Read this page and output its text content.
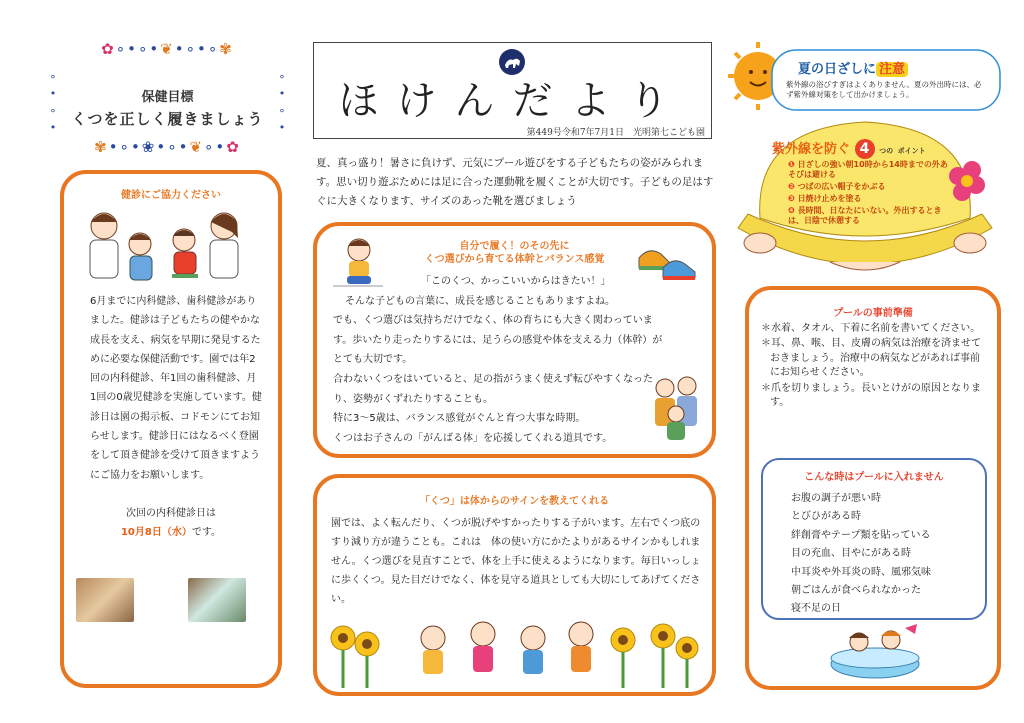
✿∘•∘•❦•∘•∘✾
∘
•
∘
•
∘
•
∘
•
保健目標
くつを正しく履きましょう
✾•∘•❀•∘•❦∘•✿
ほけんだより
第449号令和7年7月1日　光明第七こども園
夏、真っ盛り！暑さに負けず、元気にプール遊びをする子どもたちの姿がみられます。思い切り遊ぶためには足に合った運動靴を履くことが大切です。子どもの足はすぐに大きくなります、サイズのあった靴を選びましょう
夏の日ざしに 注意
紫外線の浴びすぎはよくありません。夏の外出時には、必ず紫外線対策をして出かけましょう。
紫外線を防ぐ 4 つの ポイント
❶ 日ざしの強い朝10時から14時までの外あそびは避ける
❷ つばの広い帽子をかぶる
❸ 日焼け止めを塗る
❹ 長時間、日なたにいない。外出するときは、日陰で休憩する
健診にご協力ください
6月までに内科健診、歯科健診がありました。健診は子どもたちの健やかな成長を支え、病気を早期に発見するために必要な保健活動です。園では年2回の内科健診、年1回の歯科健診、月1回の0歳児健診を実施しています。健診日は園の掲示板、コドモンにてお知らせします。健診日にはなるべく登園をして頂き健診を受けて頂きますようにご協力をお願いします。
次回の内科健診日は
10月8日（水）です。
自分で履く！のその先に
くつ選びから育てる体幹とバランス感覚
「このくつ、かっこいいからはきたい！」
そんな子どもの言葉に、成長を感じることもありますよね。
でも、くつ選びは気持ちだけでなく、体の育ちにも大きく関わっています。歩いたり走ったりするには、足うらの感覚や体を支える力（体幹）がとても大切です。
合わないくつをはいていると、足の指がうまく使えず転びやすくなったり、姿勢がくずれたりすることも。
特に3〜5歳は、バランス感覚がぐんと育つ大事な時期。
くつはお子さんの「がんばる体」を応援してくれる道具です。
「くつ」は体からのサインを教えてくれる
園では、よく転んだり、くつが脱げやすかったりする子がいます。左右でくつ底のすり減り方が違うことも。これは　体の使い方にかたよりがあるサインかもしれません。くつ選びを見直すことで、体を上手に使えるようになります。毎日いっしょに歩くくつ。見た目だけでなく、体を見守る道具としても大切にしてあげてください。
プールの事前準備
＊水着、タオル、下着に名前を書いてください。
＊耳、鼻、喉、目、皮膚の病気は治療を済ませておきましょう。治療中の病気などがあれば事前にお知らせください。
＊爪を切りましょう。長いとけがの原因となります。
こんな時はプールに入れません
お腹の調子が悪い時
とびひがある時
絆創膏やテープ類を貼っている
目の充血、目やにがある時
中耳炎や外耳炎の時、風邪気味
朝ごはんが食べられなかった
寝不足の日
